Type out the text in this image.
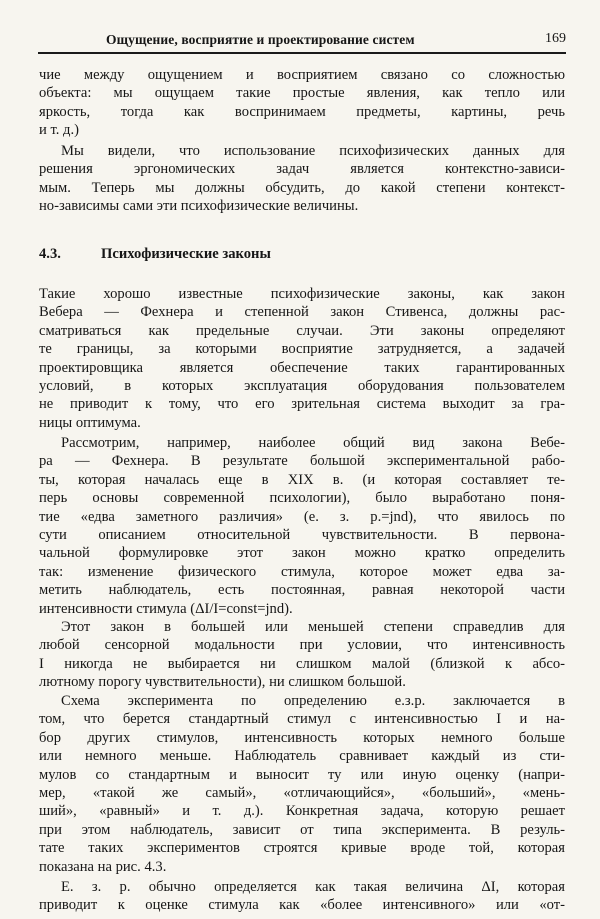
Ощущение, восприятие и проектирование систем	169
чие между ощущением и восприятием связано со сложностью
объекта: мы ощущаем такие простые явления, как тепло или
яркость, тогда как воспринимаем предметы, картины, речь
и т. д.)
Мы видели, что использование психофизических данных для
решения эргономических задач является контекстно-зависи-
мым. Теперь мы должны обсудить, до какой степени контекст-
но-зависимы сами эти психофизические величины.
4.3.	Психофизические законы
Такие хорошо известные психофизические законы, как закон
Вебера — Фехнера и степенной закон Стивенса, должны рас-
сматриваться как предельные случаи. Эти законы определяют
те границы, за которыми восприятие затрудняется, а задачей
проектировщика является обеспечение таких гарантированных
условий, в которых эксплуатация оборудования пользователем
не приводит к тому, что его зрительная система выходит за гра-
ницы оптимума.
Рассмотрим, например, наиболее общий вид закона Вебе-
ра — Фехнера. В результате большой экспериментальной рабо-
ты, которая началась еще в XIX в. (и которая составляет те-
перь основы современной психологии), было выработано поня-
тие «едва заметного различия» (е. з. р.=jnd), что явилось по
сути описанием относительной чувствительности. В первона-
чальной формулировке этот закон можно кратко определить
так: изменение физического стимула, которое может едва за-
метить наблюдатель, есть постоянная, равная некоторой части
интенсивности стимула (ΔI/I=const=jnd).
Этот закон в большей или меньшей степени справедлив для
любой сенсорной модальности при условии, что интенсивность
I никогда не выбирается ни слишком малой (близкой к абсо-
лютному порогу чувствительности), ни слишком большой.
Схема эксперимента по определению е.з.р. заключается в
том, что берется стандартный стимул с интенсивностью I и на-
бор других стимулов, интенсивность которых немного больше
или немного меньше. Наблюдатель сравнивает каждый из сти-
мулов со стандартным и выносит ту или иную оценку (напри-
мер, «такой же самый», «отличающийся», «больший», «мень-
ший», «равный» и т. д.). Конкретная задача, которую решает
при этом наблюдатель, зависит от типа эксперимента. В резуль-
тате таких экспериментов строятся кривые вроде той, которая
показана на рис. 4.3.
Е. з. р. обычно определяется как такая величина ΔI, которая
приводит к оценке стимула как «более интенсивного» или «от-
